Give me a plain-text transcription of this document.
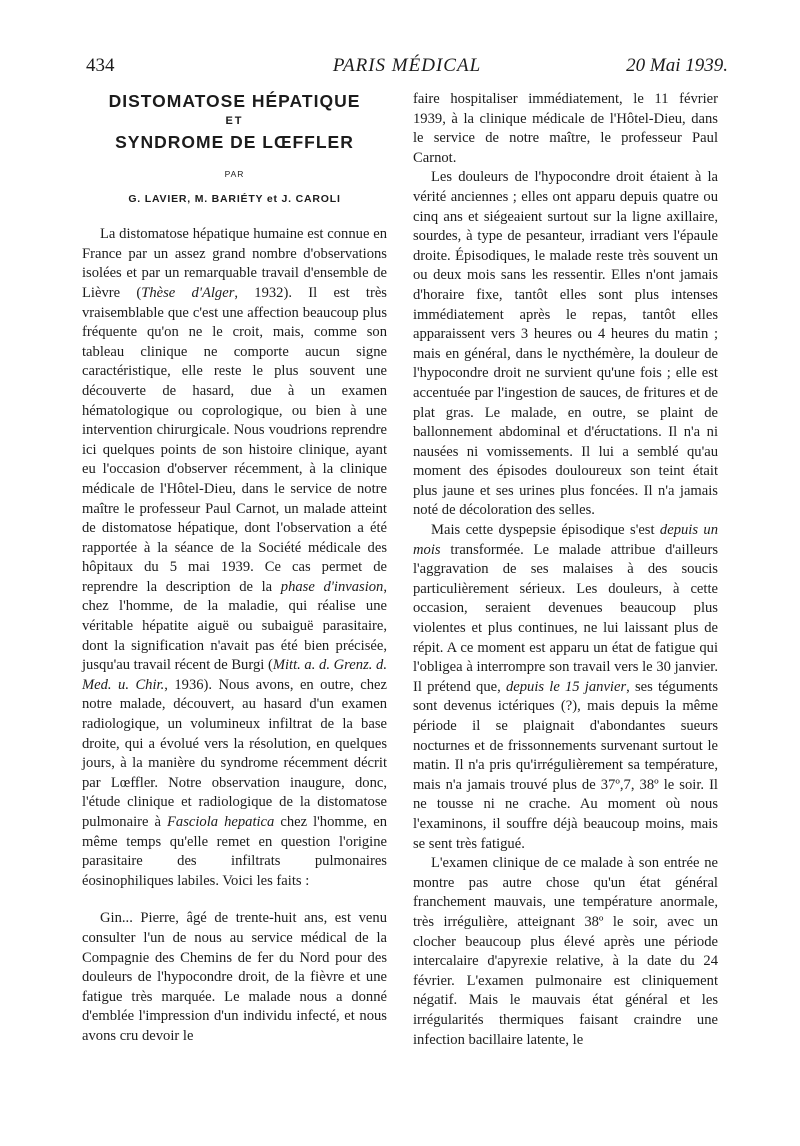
434	PARIS MÉDICAL	20 Mai 1939.
DISTOMATOSE HÉPATIQUE
ET
SYNDROME DE LŒFFLER
PAR
G. LAVIER, M. BARIÉTY et J. CAROLI

La distomatose hépatique humaine est connue en France par un assez grand nombre d'observations isolées et par un remarquable travail d'ensemble de Lièvre (Thèse d'Alger, 1932). Il est très vraisemblable que c'est une affection beaucoup plus fréquente qu'on ne le croit, mais, comme son tableau clinique ne comporte aucun signe caractéristique, elle reste le plus souvent une découverte de hasard, due à un examen hématologique ou coprologique, ou bien à une intervention chirurgicale. Nous voudrions reprendre ici quelques points de son histoire clinique, ayant eu l'occasion d'observer récemment, à la clinique médicale de l'Hôtel-Dieu, dans le service de notre maître le professeur Paul Carnot, un malade atteint de distomatose hépatique, dont l'observation a été rapportée à la séance de la Société médicale des hôpitaux du 5 mai 1939. Ce cas permet de reprendre la description de la phase d'invasion, chez l'homme, de la maladie, qui réalise une véritable hépatite aiguë ou subaiguë parasitaire, dont la signification n'avait pas été bien précisée, jusqu'au travail récent de Burgi (Mitt. a. d. Grenz. d. Med. u. Chir., 1936). Nous avons, en outre, chez notre malade, découvert, au hasard d'un examen radiologique, un volumineux infiltrat de la base droite, qui a évolué vers la résolution, en quelques jours, à la manière du syndrome récemment décrit par Lœffler. Notre observation inaugure, donc, l'étude clinique et radiologique de la distomatose pulmonaire à Fasciola hepatica chez l'homme, en même temps qu'elle remet en question l'origine parasitaire des infiltrats pulmonaires éosinophiliques labiles. Voici les faits :

Gin... Pierre, âgé de trente-huit ans, est venu consulter l'un de nous au service médical de la Compagnie des Chemins de fer du Nord pour des douleurs de l'hypocondre droit, de la fièvre et une fatigue très marquée. Le malade nous a donné d'emblée l'impression d'un individu infecté, et nous avons cru devoir le

faire hospitaliser immédiatement, le 11 février 1939, à la clinique médicale de l'Hôtel-Dieu, dans le service de notre maître, le professeur Paul Carnot.

Les douleurs de l'hypocondre droit étaient à la vérité anciennes ; elles ont apparu depuis quatre ou cinq ans et siégeaient surtout sur la ligne axillaire, sourdes, à type de pesanteur, irradiant vers l'épaule droite. Épisodiques, le malade reste très souvent un ou deux mois sans les ressentir. Elles n'ont jamais d'horaire fixe, tantôt elles sont plus intenses immédiatement après le repas, tantôt elles apparaissent vers 3 heures ou 4 heures du matin ; mais en général, dans le nycthémère, la douleur de l'hypocondre droit ne survient qu'une fois ; elle est accentuée par l'ingestion de sauces, de fritures et de plat gras. Le malade, en outre, se plaint de ballonnement abdominal et d'éructations. Il n'a ni nausées ni vomissements. Il lui a semblé qu'au moment des épisodes douloureux son teint était plus jaune et ses urines plus foncées. Il n'a jamais noté de décoloration des selles.

Mais cette dyspepsie épisodique s'est depuis un mois transformée. Le malade attribue d'ailleurs l'aggravation de ses malaises à des soucis particulièrement sérieux. Les douleurs, à cette occasion, seraient devenues beaucoup plus violentes et plus continues, ne lui laissant plus de répit. A ce moment est apparu un état de fatigue qui l'obligea à interrompre son travail vers le 30 janvier. Il prétend que, depuis le 15 janvier, ses téguments sont devenus ictériques (?), mais depuis la même période il se plaignait d'abondantes sueurs nocturnes et de frissonnements survenant surtout le matin. Il n'a pris qu'irrégulièrement sa température, mais n'a jamais trouvé plus de 37º,7, 38º le soir. Il ne tousse ni ne crache. Au moment où nous l'examinons, il souffre déjà beaucoup moins, mais se sent très fatigué.

L'examen clinique de ce malade à son entrée ne montre pas autre chose qu'un état général franchement mauvais, une température anormale, très irrégulière, atteignant 38º le soir, avec un clocher beaucoup plus élevé après une période intercalaire d'apyrexie relative, à la date du 24 février. L'examen pulmonaire est cliniquement négatif. Mais le mauvais état général et les irrégularités thermiques faisant craindre une infection bacillaire latente, le
